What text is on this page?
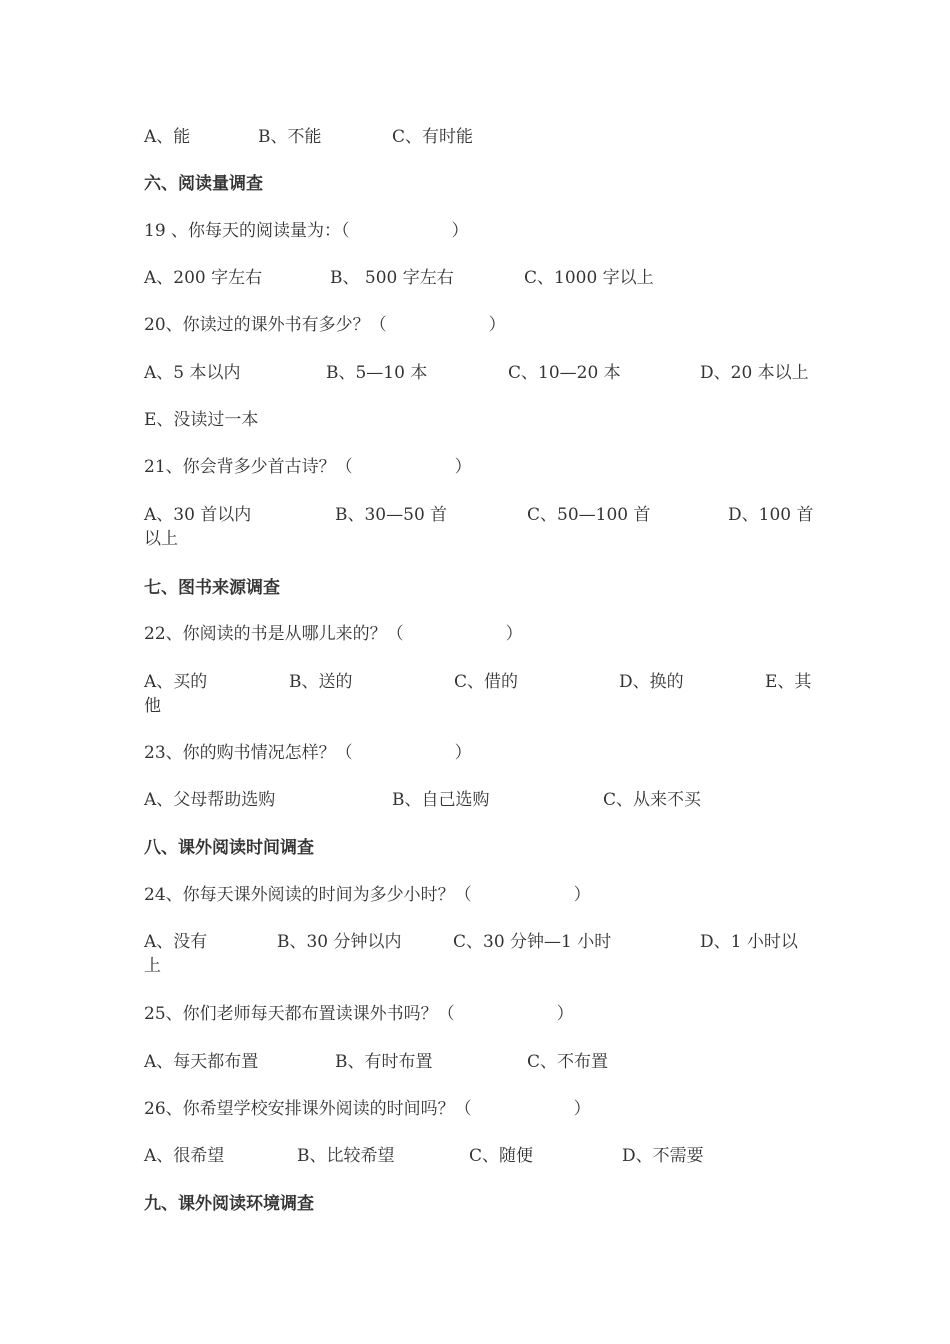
A、能	B、不能	C、有时能
六、阅读量调查
19 、你每天的阅读量为：（　　　　　　）
A、200 字左右	B、 500 字左右	C、1000 字以上
20、你读过的课外书有多少？（　　　　　　）
A、5 本以内	B、5—10 本	C、10—20 本	D、20 本以上
E、没读过一本
21、你会背多少首古诗？（　　　　　　）
A、30 首以内	B、30—50 首	C、50—100 首	D、100 首
以上
七、图书来源调查
22、你阅读的书是从哪儿来的？（　　　　　　）
A、买的	B、送的	C、借的	D、换的	E、其
他
23、你的购书情况怎样？（　　　　　　）
A、父母帮助选购	B、自己选购	C、从来不买
八、课外阅读时间调查
24、你每天课外阅读的时间为多少小时？（　　　　　　）
A、没有	B、30 分钟以内	C、30 分钟—1 小时	D、1 小时以
上
25、你们老师每天都布置读课外书吗？（　　　　　　）
A、每天都布置	B、有时布置	C、不布置
26、你希望学校安排课外阅读的时间吗？（　　　　　　）
A、很希望	B、比较希望	C、随便	D、不需要
九、课外阅读环境调查
